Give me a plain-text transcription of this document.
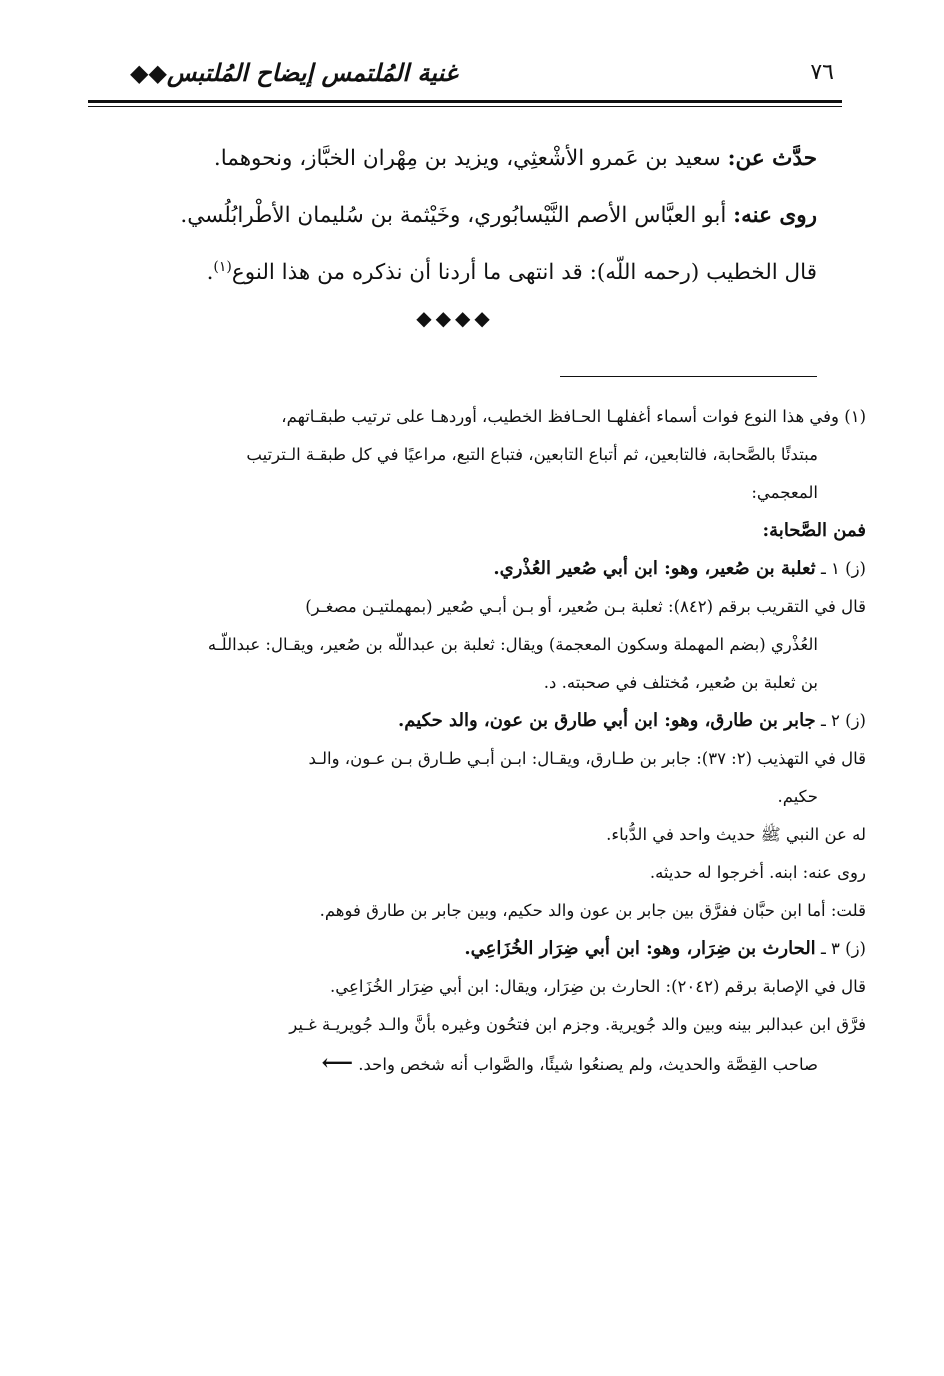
٧٦
غنية المُلتمس إيضاح المُلتبس◆◆

حدَّث عن: سعيد بن عَمرو الأشْعثِي، ويزيد بن مِهْران الخبَّاز، ونحوهما.

روى عنه: أبو العبَّاس الأصم النَّيْسابُوري، وخَيْثمة بن سُليمان الأطْرابُلُسي.

قال الخطيب (رحمه اللّه): قد انتهى ما أردنا أن نذكره من هذا النوع$^{(١)}$.

◆◆◆◆

(١) وفي هذا النوع فوات أسماء أغفلهـا الحـافظ الخطيب، أوردهـا على ترتيب طبقـاتهم،

مبتدئًا بالصَّحابة، فالتابعين، ثم أتباع التابعين، فتباع التبع، مراعيًا في كل طبقـة الـترتيب

المعجمي:

فمن الصَّحابة:

(ز) ١ ـ ثعلبة بن صُعير، وهو: ابن أبي صُعير العُذْري.

قال في التقريب برقم (٨٤٢): ثعلبة بـن صُعير، أو بـن أبـي صُعير (بمهملتيـن مصغـر)

العُذْري (بضم المهملة وسكون المعجمة) ويقال: ثعلبة بن عبداللّه بن صُعير، ويقـال: عبداللّـه

بن ثعلبة بن صُعير، مُختلف في صحبته. د.

(ز) ٢ ـ جابر بن طارق، وهو: ابن أبي طارق بن عون، والد حكيم.

قال في التهذيب (٢: ٣٧): جابر بن طـارق، ويقـال: ابـن أبـي طـارق بـن عـون، والـد

حكيم.

له عن النبي ﷺ حديث واحد في الدُّباء.

روى عنه: ابنه. أخرجوا له حديثه.

قلت: أما ابن حبَّان ففرَّق بين جابر بن عون والد حكيم، وبين جابر بن طارق فوهم.

(ز) ٣ ـ الحارث بن ضِرَار، وهو: ابن أبي ضِرَار الخُزَاعِي.

قال في الإصابة برقم (٢٠٤٢): الحارث بن ضِرَار، ويقال: ابن أبي ضِرَار الخُزَاعِي.

فرَّق ابن عبدالبر بينه وبين والد جُويرية. وجزم ابن فتحُون وغيره بأنَّ والـد جُويريـة غـير

صاحب القِصَّة والحديث، ولم يصنعُوا شيئًا، والصَّواب أنه شخص واحد. ⟵
